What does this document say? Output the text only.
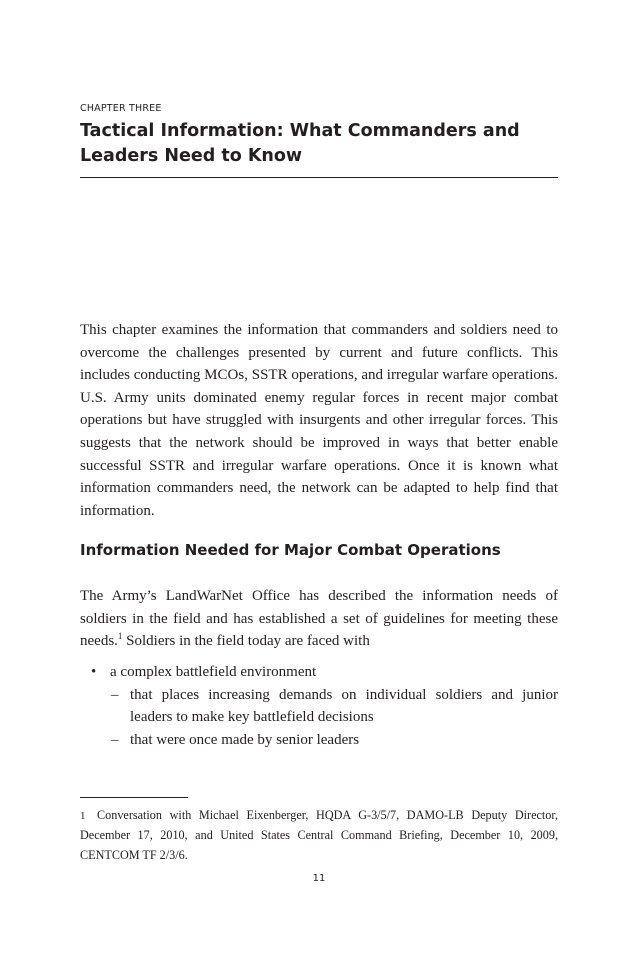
CHAPTER THREE
Tactical Information: What Commanders and Leaders Need to Know

This chapter examines the information that commanders and soldiers need to overcome the challenges presented by current and future conflicts. This includes conducting MCOs, SSTR operations, and irregular warfare operations. U.S. Army units dominated enemy regular forces in recent major combat operations but have struggled with insurgents and other irregular forces. This suggests that the network should be improved in ways that better enable successful SSTR and irregular warfare operations. Once it is known what information commanders need, the network can be adapted to help find that information.

Information Needed for Major Combat Operations

The Army’s LandWarNet Office has described the information needs of soldiers in the field and has established a set of guidelines for meeting these needs.$^1$ Soldiers in the field today are faced with

• a complex battlefield environment
– that places increasing demands on individual soldiers and junior leaders to make key battlefield decisions
– that were once made by senior leaders
1 Conversation with Michael Eixenberger, HQDA G-3/5/7, DAMO-LB Deputy Director, December 17, 2010, and United States Central Command Briefing, December 10, 2009, CENTCOM TF 2/3/6.
11
